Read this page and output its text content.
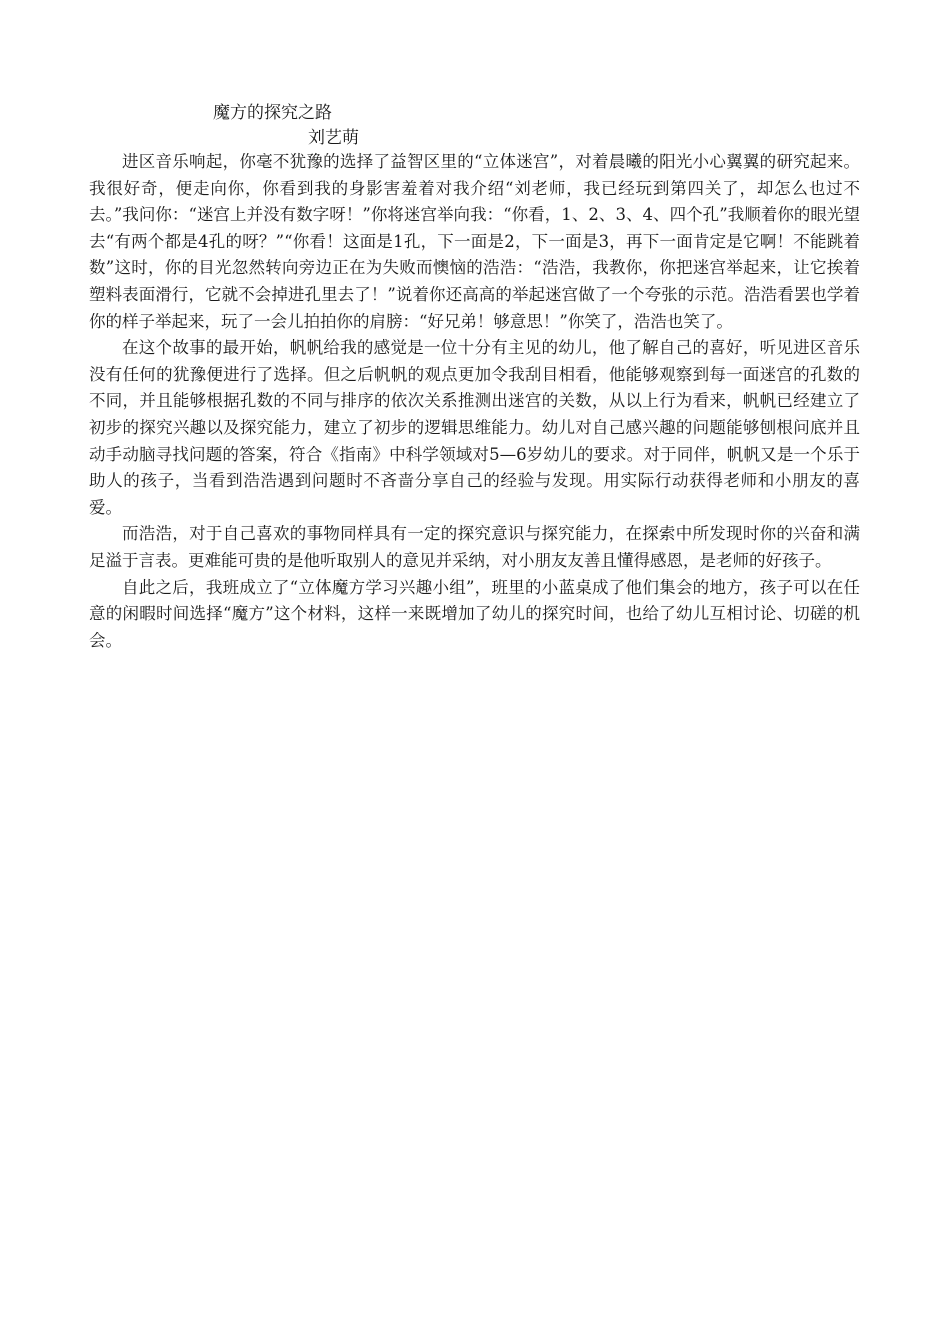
魔方的探究之路
刘艺萌

进区音乐响起，你毫不犹豫的选择了益智区里的“立体迷宫”，对着晨曦的阳光小心翼翼的研究起来。我很好奇，便走向你，你看到我的身影害羞着对我介绍“刘老师，我已经玩到第四关了，却怎么也过不去。”我问你：“迷宫上并没有数字呀！”你将迷宫举向我：“你看，1、2、3、4、四个孔”我顺着你的眼光望去“有两个都是4孔的呀？”“你看！这面是1孔，下一面是2，下一面是3，再下一面肯定是它啊！不能跳着数”这时，你的目光忽然转向旁边正在为失败而懊恼的浩浩：“浩浩，我教你，你把迷宫举起来，让它挨着塑料表面滑行，它就不会掉进孔里去了！”说着你还高高的举起迷宫做了一个夸张的示范。浩浩看罢也学着你的样子举起来，玩了一会儿拍拍你的肩膀：“好兄弟！够意思！”你笑了，浩浩也笑了。

在这个故事的最开始，帆帆给我的感觉是一位十分有主见的幼儿，他了解自己的喜好，听见进区音乐没有任何的犹豫便进行了选择。但之后帆帆的观点更加令我刮目相看，他能够观察到每一面迷宫的孔数的不同，并且能够根据孔数的不同与排序的依次关系推测出迷宫的关数，从以上行为看来，帆帆已经建立了初步的探究兴趣以及探究能力，建立了初步的逻辑思维能力。幼儿对自己感兴趣的问题能够刨根问底并且动手动脑寻找问题的答案，符合《指南》中科学领域对5—6岁幼儿的要求。对于同伴，帆帆又是一个乐于助人的孩子，当看到浩浩遇到问题时不吝啬分享自己的经验与发现。用实际行动获得老师和小朋友的喜爱。

而浩浩，对于自己喜欢的事物同样具有一定的探究意识与探究能力，在探索中所发现时你的兴奋和满足溢于言表。更难能可贵的是他听取别人的意见并采纳，对小朋友友善且懂得感恩，是老师的好孩子。

自此之后，我班成立了“立体魔方学习兴趣小组”，班里的小蓝桌成了他们集会的地方，孩子可以在任意的闲暇时间选择“魔方”这个材料，这样一来既增加了幼儿的探究时间，也给了幼儿互相讨论、切磋的机会。
